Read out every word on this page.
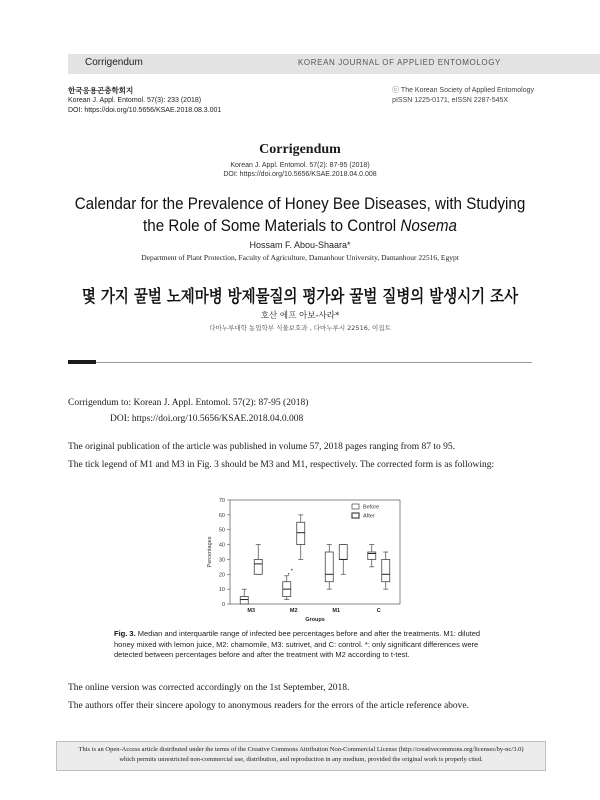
Corrigendum	KOREAN JOURNAL OF APPLIED ENTOMOLOGY
한국응용곤충학회지
Korean J. Appl. Entomol. 57(3): 233 (2018)
DOI: https://doi.org/10.5656/KSAE.2018.08.3.001
ⓒ The Korean Society of Applied Entomology
pISSN 1225-0171, eISSN 2287-545X
Corrigendum
Korean J. Appl. Entomol. 57(2): 87-95 (2018)
DOI: https://doi.org/10.5656/KSAE.2018.04.0.008
Calendar for the Prevalence of Honey Bee Diseases, with Studying
the Role of Some Materials to Control Nosema
Hossam F. Abou-Shaara*
Department of Plant Protection, Faculty of Agriculture, Damanhour University, Damanhour 22516, Egypt
몇 가지 꿀벌 노제마병 방제물질의 평가와 꿀벌 질병의 발생시기 조사
호산 에프 아보-사라*
다마누루대학 농업학부 식물보호과 , 다마누루시 22516, 이집트
Corrigendum to: Korean J. Appl. Entomol. 57(2): 87-95 (2018)
DOI: https://doi.org/10.5656/KSAE.2018.04.0.008
The original publication of the article was published in volume 57, 2018 pages ranging from 87 to 95.
The tick legend of M1 and M3 in Fig. 3 should be M3 and M1, respectively. The corrected form is as following:
0
10
20
30
40
50
60
70
Percentages
M3	M2	M1	C
Groups
• *
Before
After
Fig. 3. Median and interquartile range of infected bee percentages before and after the treatments. M1: diluted honey mixed with lemon juice, M2: chamomile, M3: sutrivet, and C: control. *: only significant differences were detected between percentages before and after the treatment with M2 according to t-test.
The online version was corrected accordingly on the 1st September, 2018.
The authors offer their sincere apology to anonymous readers for the errors of the article reference above.
This is an Open-Access article distributed under the terms of the Creative Commons Attribution Non-Commercial License (http://creativecommons.org/licenses/by-nc/3.0)
which permits unrestricted non-commercial use, distribution, and reproduction in any medium, provided the original work is properly cited.
